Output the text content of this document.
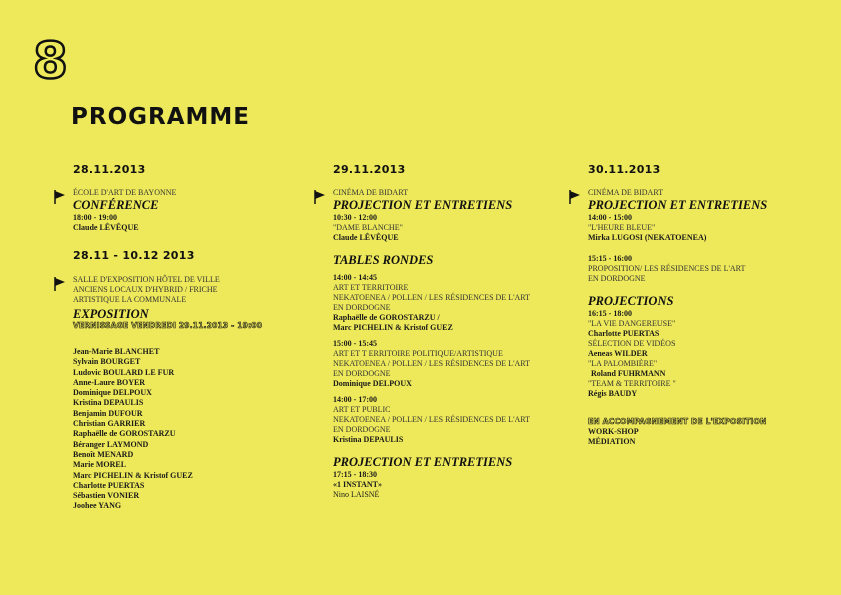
8
PROGRAMME
28.11.2013
ÉCOLE D'ART DE BAYONNE
CONFÉRENCE
18:00 - 19:00
Claude LÊVÊQUE
28.11 - 10.12 2013
SALLE D'EXPOSITION HÔTEL DE VILLE
ANCIENS LOCAUX D'HYBRID / FRICHE
ARTISTIQUE LA COMMUNALE
EXPOSITION
VERNISSAGE VENDREDI 29.11.2013 - 19:00
Jean-Marie BLANCHET
Sylvain BOURGET
Ludovic BOULARD LE FUR
Anne-Laure BOYER
Dominique DELPOUX
Kristina DEPAULIS
Benjamin DUFOUR
Christian GARRIER
Raphaëlle de GOROSTARZU
Béranger LAYMOND
Benoît MENARD
Marie MOREL
Marc PICHELIN & Kristof GUEZ
Charlotte PUERTAS
Sébastien VONIER
Joohee YANG
29.11.2013
CINÉMA DE BIDART
PROJECTION ET ENTRETIENS
10:30 - 12:00
"DAME BLANCHE"
Claude LÊVÊQUE
TABLES RONDES
14:00 - 14:45
ART ET TERRITOIRE
NEKATOENEA / POLLEN / LES RÉSIDENCES DE L'ART
EN DORDOGNE
Raphaëlle de GOROSTARZU /
Marc PICHELIN & Kristof GUEZ
15:00 - 15:45
ART ET T ERRITOIRE POLITIQUE/ARTISTIQUE
NEKATOENEA / POLLEN / LES RÉSIDENCES DE L'ART
EN DORDOGNE
Dominique DELPOUX
14:00 - 17:00
ART ET PUBLIC
NEKATOENEA / POLLEN / LES RÉSIDENCES DE L'ART
EN DORDOGNE
Kristina DEPAULIS
PROJECTION ET ENTRETIENS
17:15 - 18:30
«1 INSTANT»
Nino LAISNÉ
30.11.2013
CINÉMA DE BIDART
PROJECTION ET ENTRETIENS
14:00 - 15:00
"L'HEURE BLEUE"
Mirka LUGOSI (NEKATOENEA)
15:15 - 16:00
PROPOSITION/ LES RÉSIDENCES DE L'ART
EN DORDOGNE
PROJECTIONS
16:15 - 18:00
"LA VIE DANGEREUSE"
Charlotte PUERTAS
SÉLECTION DE VIDÉOS
Aeneas WILDER
"LA PALOMBIÈRE"
Roland FUHRMANN
"TEAM & TERRITOIRE "
Régis BAUDY
EN ACCOMPAGNEMENT DE L'EXPOSITION
WORK-SHOP
MÉDIATION
